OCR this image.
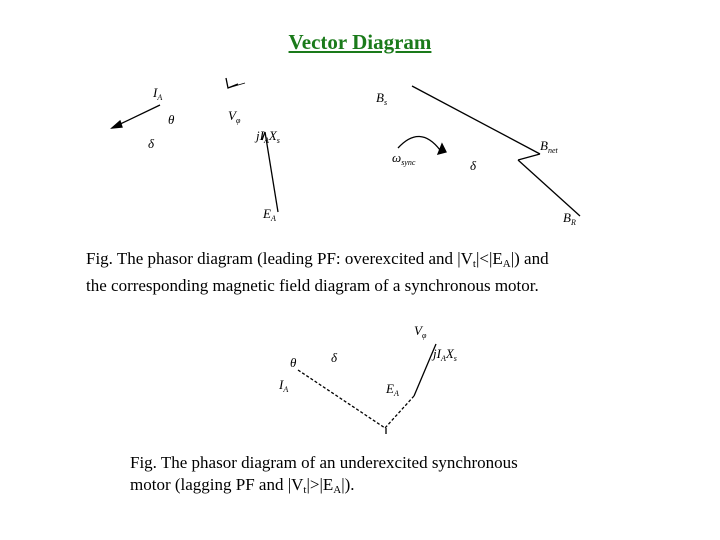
Vector Diagram
$I_A$
θ
δ
$V_\varphi$
$jI_AX_s$
$E_A$
$B_s$
$B_{net}$
$\omega_{sync}$	δ
$B_R$
$V_\varphi$
$jI_AX_s$
θ	δ
$I_A$	$E_A$
Fig. The phasor diagram (leading PF: overexcited and $|V_t|<|E_A|$) and
the corresponding magnetic field diagram of a synchronous motor.
Fig. The phasor diagram of an underexcited synchronous
motor (lagging PF and $|V_t|>|E_A|$).
